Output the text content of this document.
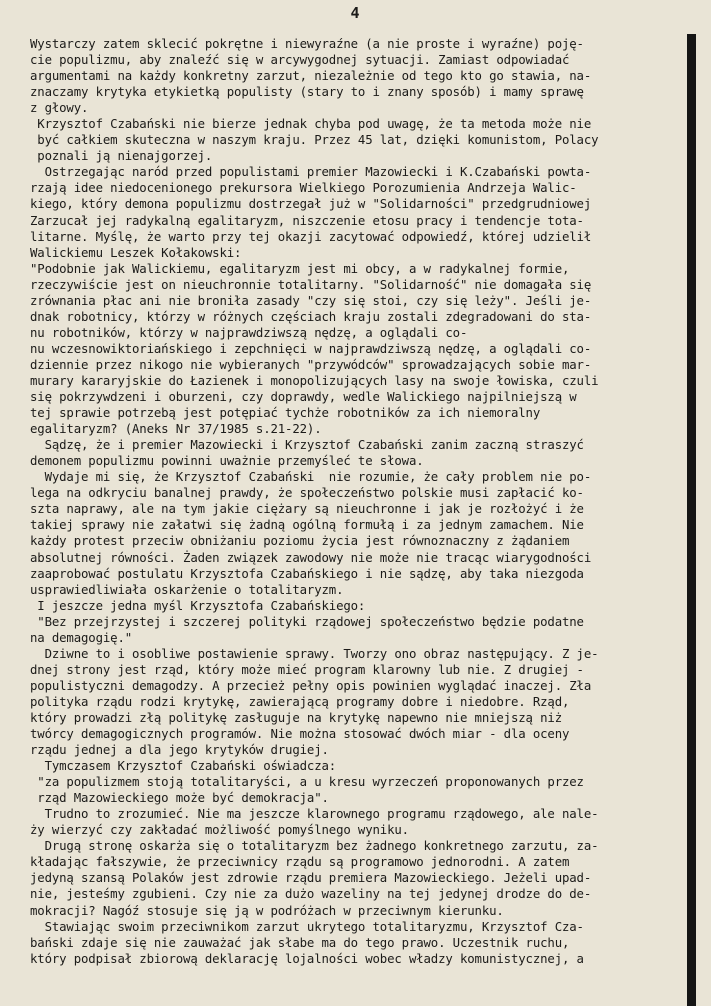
4
Wystarczy zatem sklecić pokrętne i niewyraźne (a nie proste i wyraźne) poję-
cie populizmu, aby znaleźć się w arcywygodnej sytuacji. Zamiast odpowiadać
argumentami na każdy konkretny zarzut, niezależnie od tego kto go stawia, na-
znaczamy krytyka etykietką populisty (stary to i znany sposób) i mamy sprawę
z głowy.
Krzysztof Czabański nie bierze jednak chyba pod uwagę, że ta metoda może nie
być całkiem skuteczna w naszym kraju. Przez 45 lat, dzięki komunistom, Polacy
poznali ją nienajgorzej.
Ostrzegając naród przed populistami premier Mazowiecki i K.Czabański powta-
rzają idee niedocenionego prekursora Wielkiego Porozumienia Andrzeja Walic-
kiego, który demona populizmu dostrzegał już w "Solidarności" przedgrudniowej
Zarzucał jej radykalną egalitaryzm, niszczenie etosu pracy i tendencje tota-
litarne. Myślę, że warto przy tej okazji zacytować odpowiedź, której udzielił
Walickiemu Leszek Kołakowski:
"Podobnie jak Walickiemu, egalitaryzm jest mi obcy, a w radykalnej formie,
rzeczywiście jest on nieuchronnie totalitarny. "Solidarność" nie domagała się
zrównania płac ani nie broniła zasady "czy się stoi, czy się leży". Jeśli je-
dnak robotnicy, którzy w różnych częściach kraju zostali zdegradowani do sta-
nu robotników, którzy w najprawdziwszą nędzę, a oglądali co-
nu wczesnowiktoriańskiego i zepchnięci w najprawdziwszą nędzę, a oglądali co-
dziennie przez nikogo nie wybieranych "przywódców" sprowadzających sobie mar-
murary kararyjskie do Łazienek i monopolizujących lasy na swoje łowiska, czuli
się pokrzywdzeni i oburzeni, czy doprawdy, wedle Walickiego najpilniejszą w
tej sprawie potrzebą jest potępiać tychże robotników za ich niemoralny
egalitaryzm? (Aneks Nr 37/1985 s.21-22).
Sądzę, że i premier Mazowiecki i Krzysztof Czabański zanim zaczną straszyć
demonem populizmu powinni uważnie przemyśleć te słowa.
Wydaje mi się, że Krzysztof Czabański  nie rozumie, że cały problem nie po-
lega na odkryciu banalnej prawdy, że społeczeństwo polskie musi zapłacić ko-
szta naprawy, ale na tym jakie ciężary są nieuchronne i jak je rozłożyć i że
takiej sprawy nie załatwi się żadną ogólną formułą i za jednym zamachem. Nie
każdy protest przeciw obniżaniu poziomu życia jest równoznaczny z żądaniem
absolutnej równości. Żaden związek zawodowy nie może nie tracąc wiarygodności
zaaprobować postulatu Krzysztofa Czabańskiego i nie sądzę, aby taka niezgoda
usprawiedliwiała oskarżenie o totalitaryzm.
I jeszcze jedna myśl Krzysztofa Czabańskiego:
"Bez przejrzystej i szczerej polityki rządowej społeczeństwo będzie podatne
na demagogię."
Dziwne to i osobliwe postawienie sprawy. Tworzy ono obraz następujący. Z je-
dnej strony jest rząd, który może mieć program klarowny lub nie. Z drugiej -
populistyczni demagodzy. A przecież pełny opis powinien wyglądać inaczej. Zła
polityka rządu rodzi krytykę, zawierającą programy dobre i niedobre. Rząd,
który prowadzi złą politykę zasługuje na krytykę napewno nie mniejszą niż
twórcy demagogicznych programów. Nie można stosować dwóch miar - dla oceny
rządu jednej a dla jego krytyków drugiej.
Tymczasem Krzysztof Czabański oświadcza:
"za populizmem stoją totalitaryści, a u kresu wyrzeczeń proponowanych przez
rząd Mazowieckiego może być demokracja".
Trudno to zrozumieć. Nie ma jeszcze klarownego programu rządowego, ale nale-
ży wierzyć czy zakładać możliwość pomyślnego wyniku.
Drugą stronę oskarża się o totalitaryzm bez żadnego konkretnego zarzutu, za-
kładając fałszywie, że przeciwnicy rządu są programowo jednorodni. A zatem
jedyną szansą Polaków jest zdrowie rządu premiera Mazowieckiego. Jeżeli upad-
nie, jesteśmy zgubieni. Czy nie za dużo wazeliny na tej jedynej drodze do de-
mokracji? Nagóź stosuje się ją w podróżach w przeciwnym kierunku.
Stawiając swoim przeciwnikom zarzut ukrytego totalitaryzmu, Krzysztof Cza-
bański zdaje się nie zauważać jak słabe ma do tego prawo. Uczestnik ruchu,
który podpisał zbiorową deklarację lojalności wobec władzy komunistycznej, a
